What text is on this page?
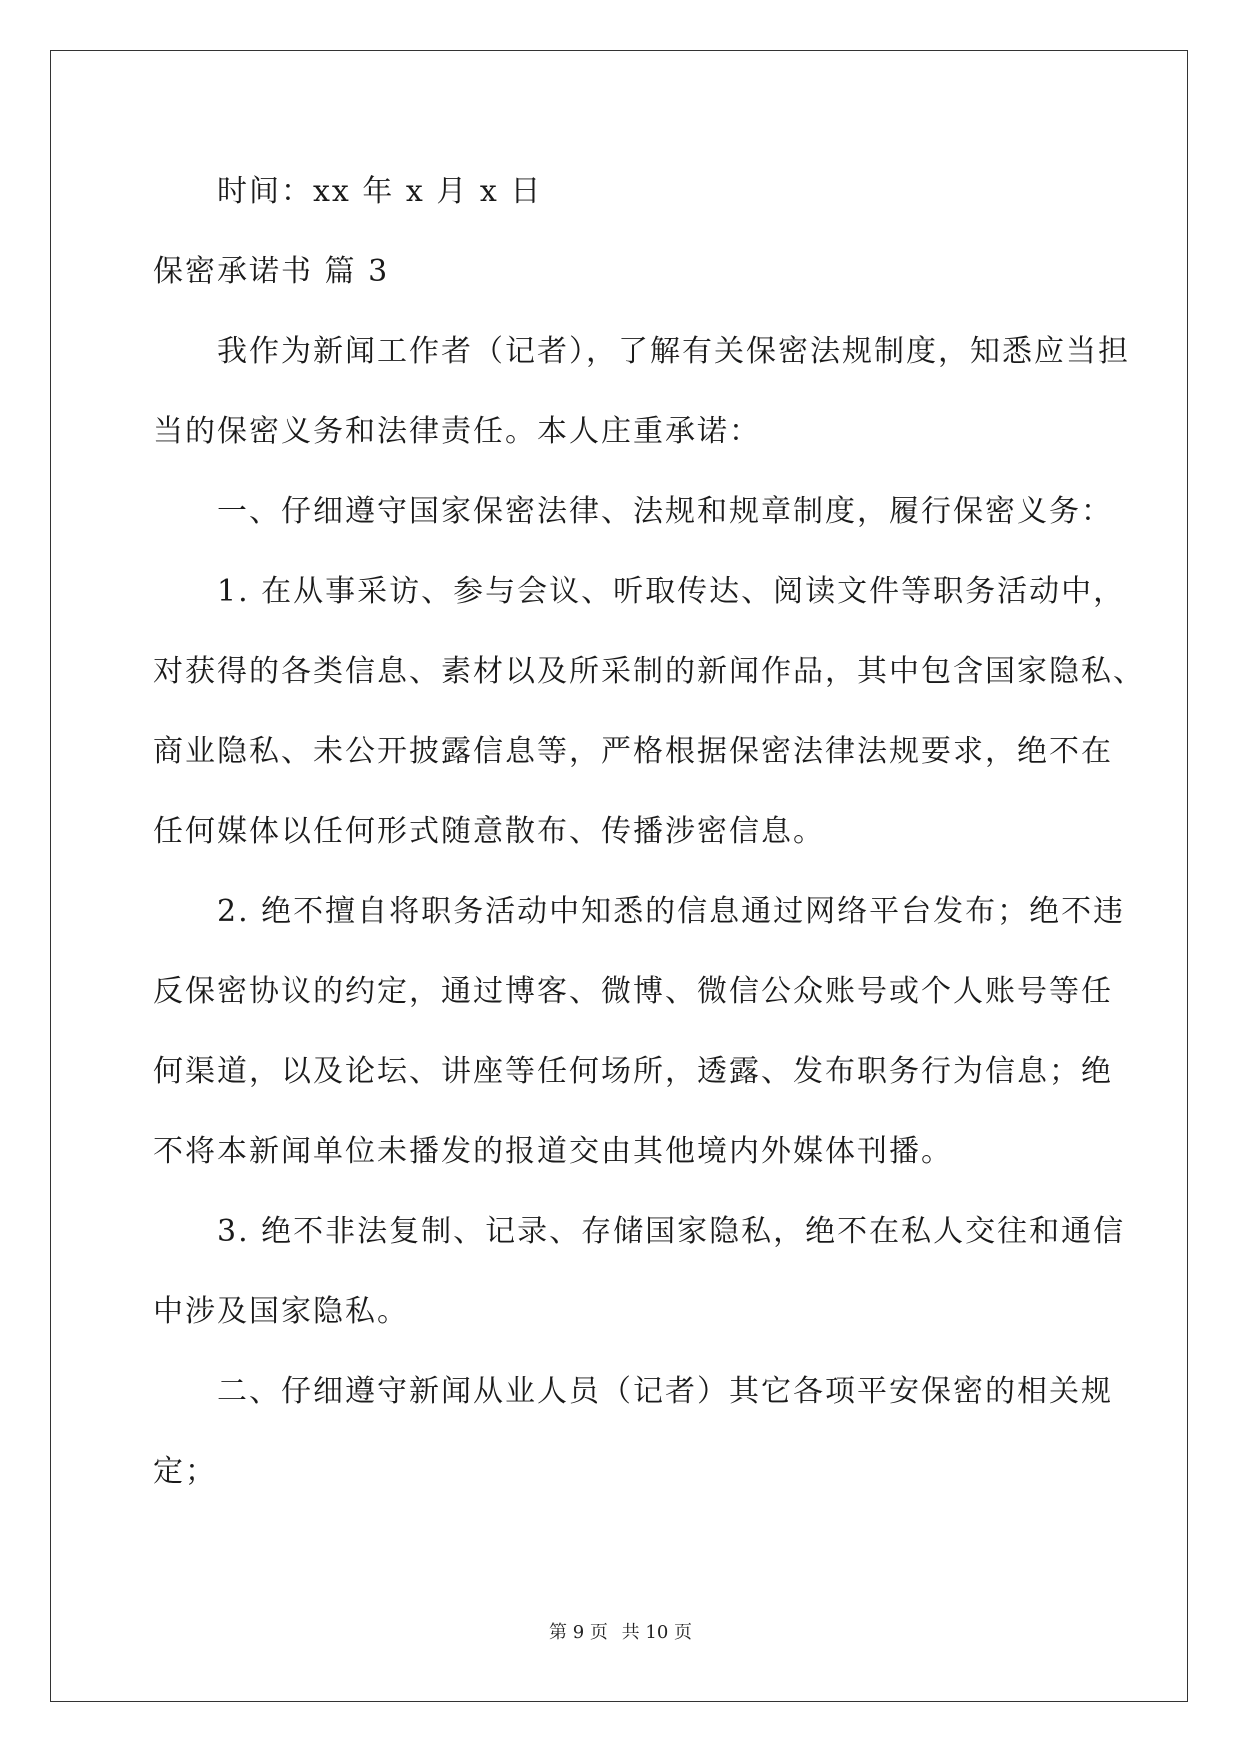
时间：xx 年 x 月 x 日
保密承诺书 篇 3
我作为新闻工作者（记者），了解有关保密法规制度，知悉应当担
当的保密义务和法律责任。本人庄重承诺：
一、仔细遵守国家保密法律、法规和规章制度，履行保密义务：
1. 在从事采访、参与会议、听取传达、阅读文件等职务活动中，
对获得的各类信息、素材以及所采制的新闻作品，其中包含国家隐私、
商业隐私、未公开披露信息等，严格根据保密法律法规要求，绝不在
任何媒体以任何形式随意散布、传播涉密信息。
2. 绝不擅自将职务活动中知悉的信息通过网络平台发布；绝不违
反保密协议的约定，通过博客、微博、微信公众账号或个人账号等任
何渠道，以及论坛、讲座等任何场所，透露、发布职务行为信息；绝
不将本新闻单位未播发的报道交由其他境内外媒体刊播。
3. 绝不非法复制、记录、存储国家隐私，绝不在私人交往和通信
中涉及国家隐私。
二、仔细遵守新闻从业人员（记者）其它各项平安保密的相关规
定；
第 9 页 共 10 页
